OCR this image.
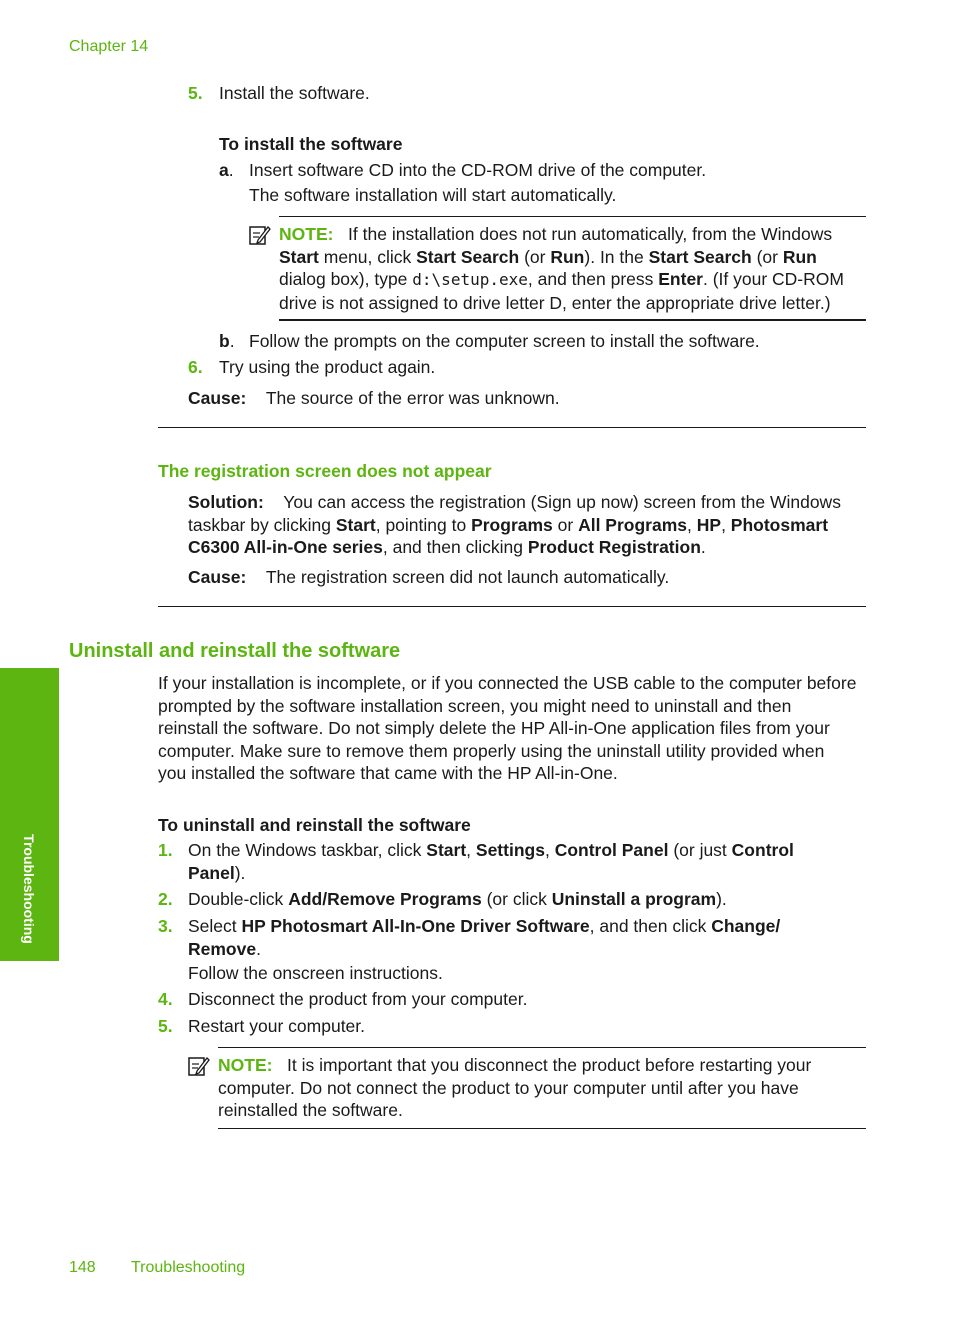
Chapter 14
5. Install the software.
To install the software
a. Insert software CD into the CD-ROM drive of the computer.
The software installation will start automatically.

NOTE: If the installation does not run automatically, from the Windows

Start menu, click Start Search (or Run). In the Start Search (or Run

dialog box), type d:\setup.exe, and then press Enter. (If your CD-ROM

drive is not assigned to drive letter D, enter the appropriate drive letter.)

b. Follow the prompts on the computer screen to install the software.
6. Try using the product again.
Cause: The source of the error was unknown.
The registration screen does not appear

Solution: You can access the registration (Sign up now) screen from the Windows

taskbar by clicking Start, pointing to Programs or All Programs, HP, Photosmart

C6300 All-in-One series, and then clicking Product Registration.

Cause: The registration screen did not launch automatically.
Uninstall and reinstall the software

If your installation is incomplete, or if you connected the USB cable to the computer before

prompted by the software installation screen, you might need to uninstall and then

reinstall the software. Do not simply delete the HP All-in-One application files from your

computer. Make sure to remove them properly using the uninstall utility provided when

you installed the software that came with the HP All-in-One.

To uninstall and reinstall the software
1. On the Windows taskbar, click Start, Settings, Control Panel (or just Control

Panel).

2. Double-click Add/Remove Programs (or click Uninstall a program).
3. Select HP Photosmart All-In-One Driver Software, and then click Change/

Remove.

Follow the onscreen instructions.
4. Disconnect the product from your computer.
5. Restart your computer.

NOTE: It is important that you disconnect the product before restarting your

computer. Do not connect the product to your computer until after you have

reinstalled the software.

Troubleshooting
148 Troubleshooting
